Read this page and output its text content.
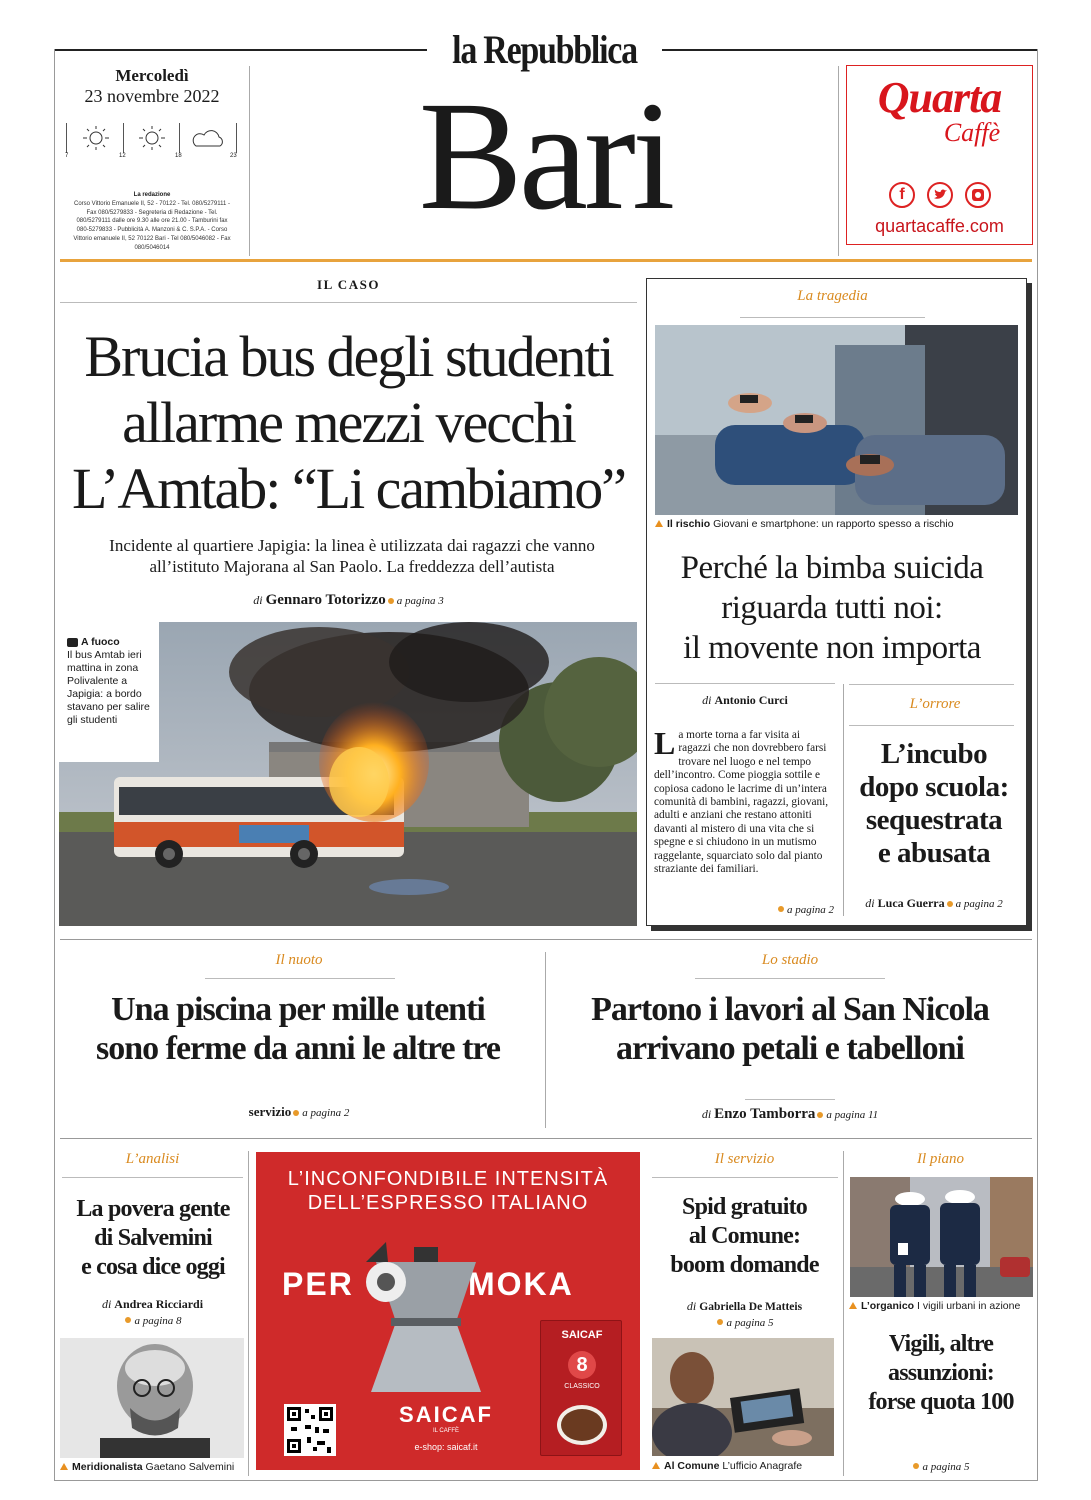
la Repubblica
Mercoledì
23 novembre 2022
7	12	18	23
La redazione
Corso Vittorio Emanuele II, 52 - 70122 - Tel. 080/5279111 - Fax 080/5279833 - Segreteria di Redazione - Tel. 080/5279111 dalle ore 9.30 alle ore 21.00 - Tamburini fax 080-5279833 - Pubblicità A. Manzoni & C. S.P.A. - Corso Vittorio emanuele II, 52 70122 Bari - Tel 080/5046082 - Fax 080/5046014
Bari	Quarta
Caffè
f
quartacaffe.com
IL CASO
Brucia bus degli studenti
allarme mezzi vecchi
L’Amtab: “Li cambiamo”
Incidente al quartiere Japigia: la linea è utilizzata dai ragazzi che vanno all’istituto Majorana al San Paolo. La freddezza dell’autista
di Gennaro Totorizzo a pagina 3
A fuoco
Il bus Amtab ieri mattina in zona Polivalente a Japigia: a bordo stavano per salire gli studenti
La tragedia
Il rischio Giovani e smartphone: un rapporto spesso a rischio
Perché la bimba suicida
riguarda tutti noi:
il movente non importa
di Antonio Curci
La morte torna a far visita ai ragazzi che non dovrebbero farsi trovare nel luogo e nel tempo dell’incontro. Come pioggia sottile e copiosa cadono le lacrime di un’intera comunità di bambini, ragazzi, giovani, adulti e anziani che restano attoniti davanti al mistero di una vita che si spegne e si chiudono in un mutismo raggelante, squarciato solo dal pianto straziante dei familiari.
a pagina 2
L’orrore
L’incubo
dopo scuola:
sequestrata
e abusata
di Luca Guerra a pagina 2
Il nuoto
Una piscina per mille utenti
sono ferme da anni le altre tre
servizio a pagina 2
Lo stadio
Partono i lavori al San Nicola
arrivano petali e tabelloni
di Enzo Tamborra a pagina 11
L’analisi
La povera gente
di Salvemini
e cosa dice oggi
di Andrea Ricciardi
a pagina 8
Meridionalista Gaetano Salvemini
L’INCONFONDIBILE INTENSITÀ
DELL’ESPRESSO ITALIANO
PER	MOKA
SAICAF
IL CAFFÈ
e-shop: saicaf.it
SAICAF
8
CLASSICO
Il servizio
Spid gratuito
al Comune:
boom domande
di Gabriella De Matteis
a pagina 5
Al Comune L’ufficio Anagrafe
Il piano
L’organico I vigili urbani in azione
Vigili, altre
assunzioni:
forse quota 100
a pagina 5
